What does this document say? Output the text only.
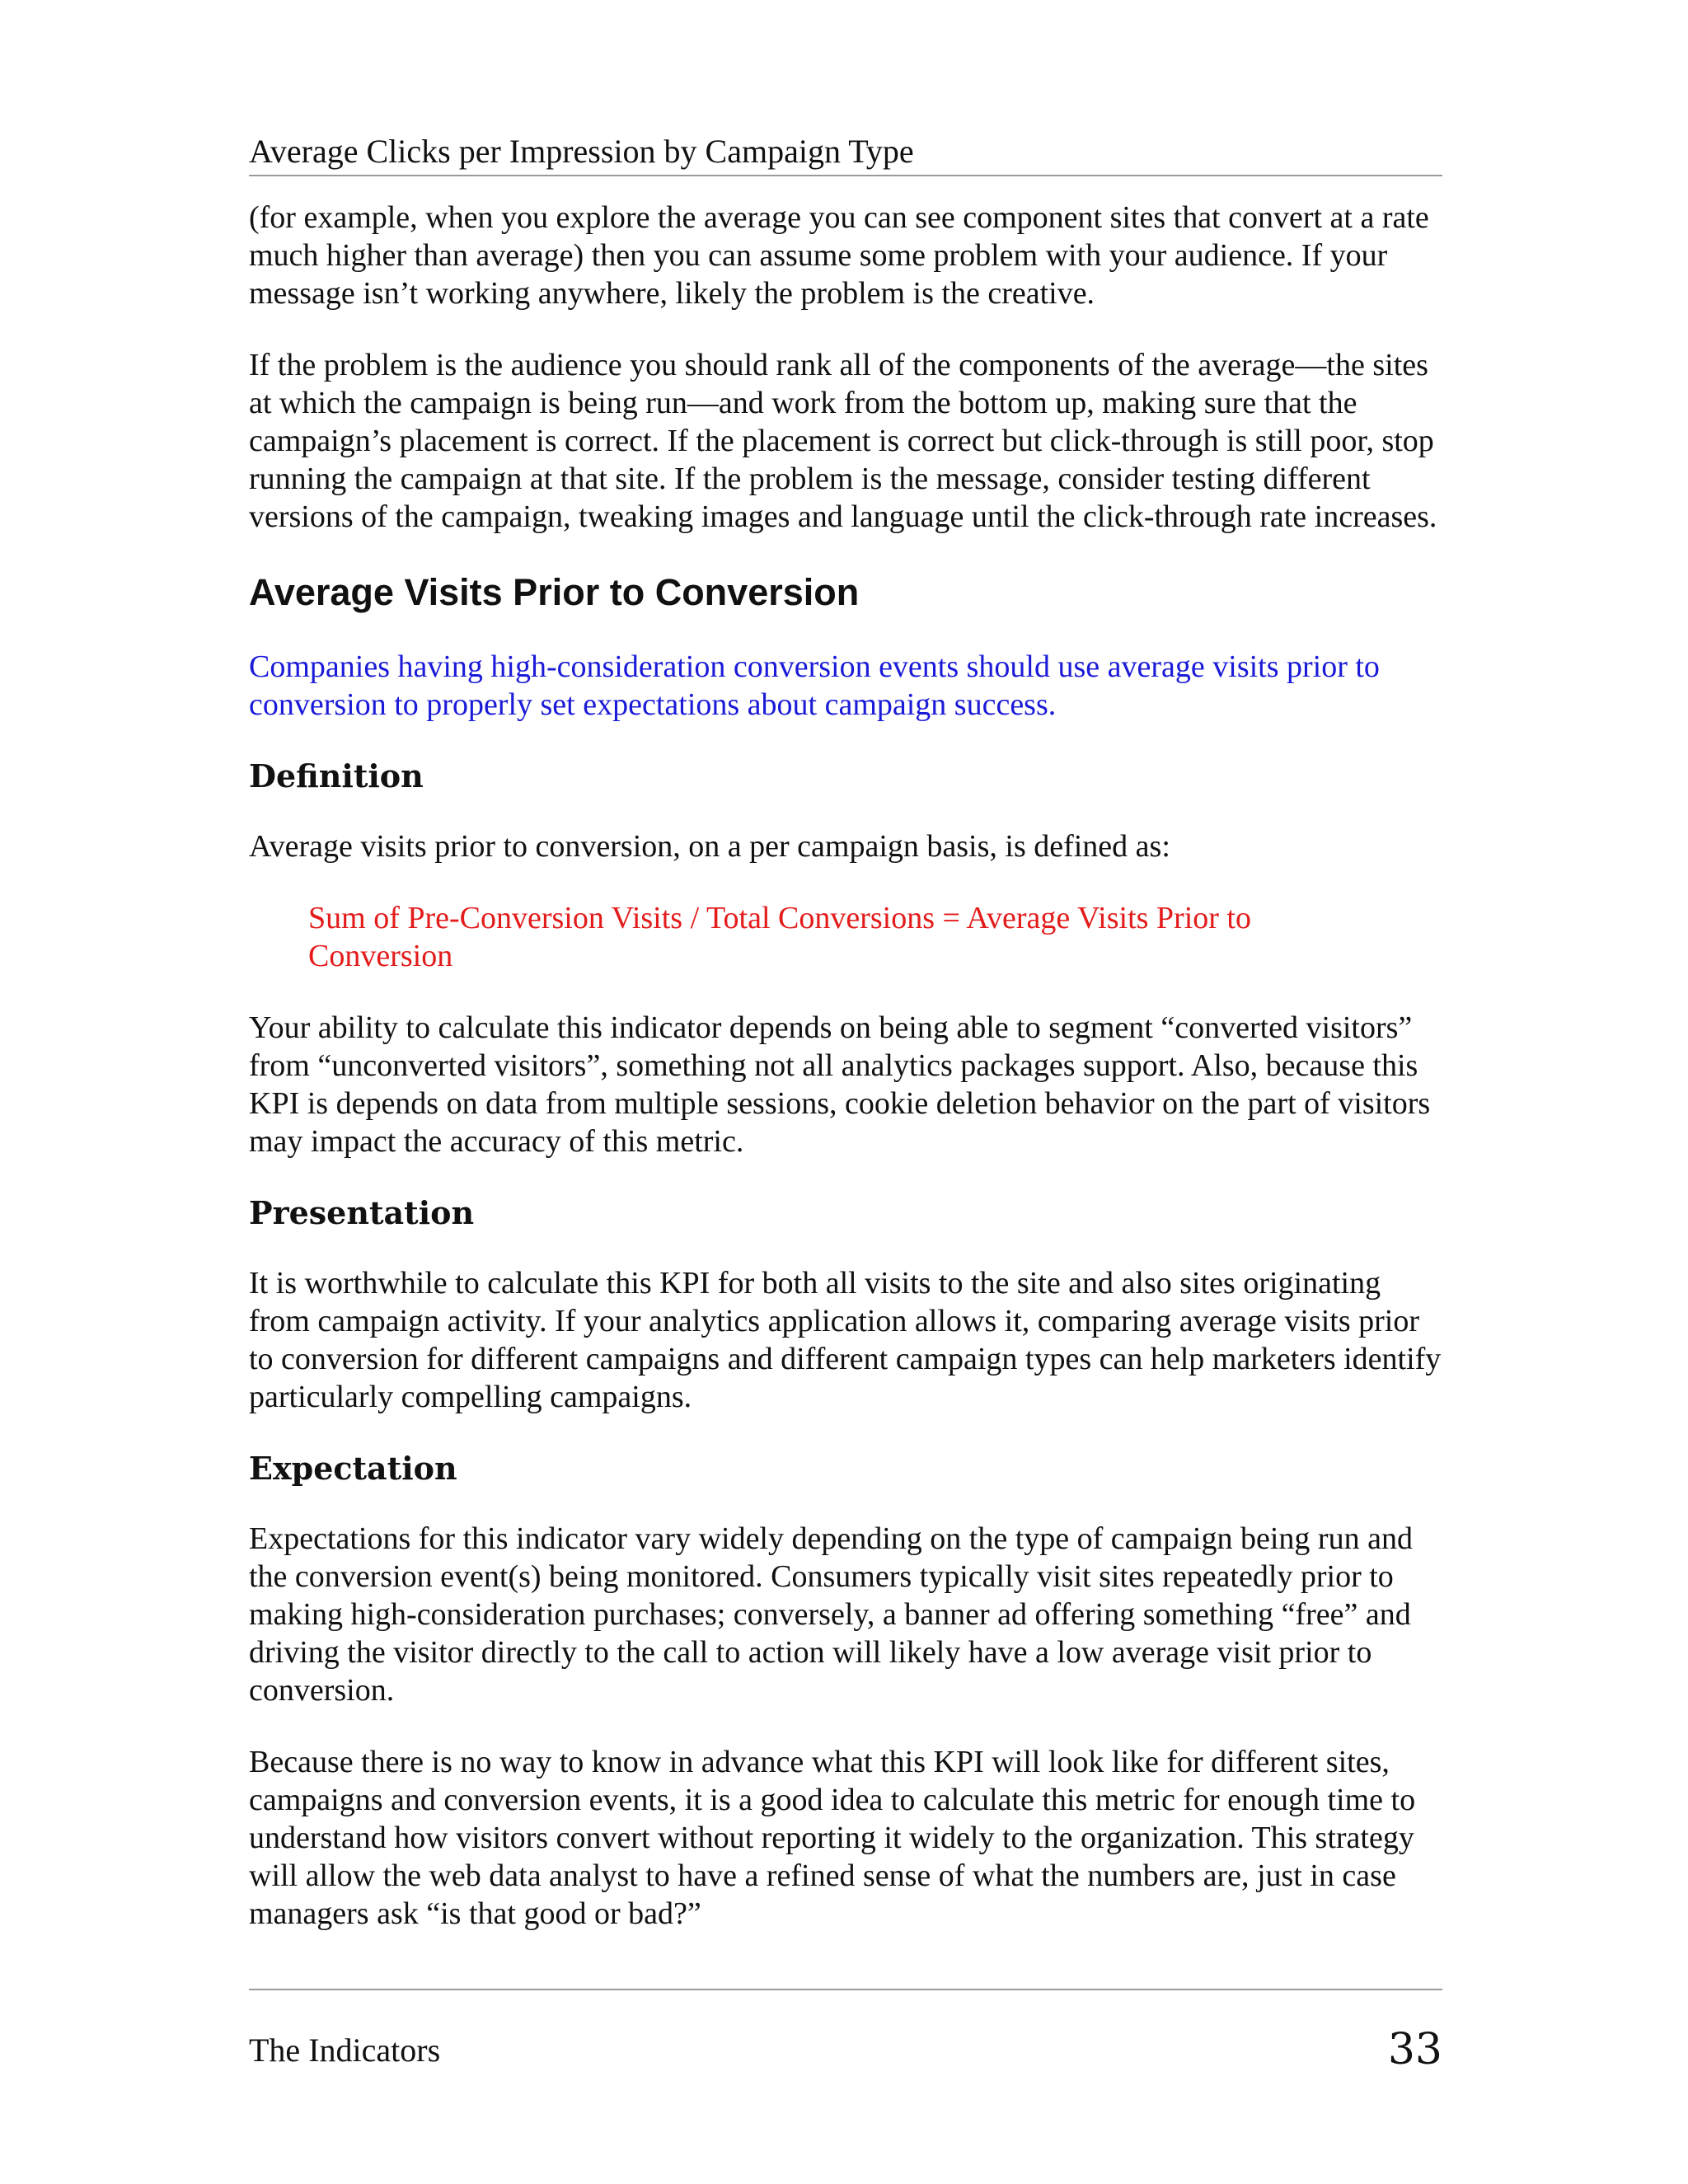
Average Clicks per Impression by Campaign Type

(for example, when you explore the average you can see component sites that convert at a rate much higher than average) then you can assume some problem with your audience. If your message isn’t working anywhere, likely the problem is the creative.

If the problem is the audience you should rank all of the components of the average—the sites at which the campaign is being run—and work from the bottom up, making sure that the campaign’s placement is correct. If the placement is correct but click-through is still poor, stop running the campaign at that site. If the problem is the message, consider testing different versions of the campaign, tweaking images and language until the click-through rate increases.

Average Visits Prior to Conversion

Companies having high-consideration conversion events should use average visits prior to conversion to properly set expectations about campaign success.

Definition

Average visits prior to conversion, on a per campaign basis, is defined as:

Sum of Pre-Conversion Visits / Total Conversions = Average Visits Prior to Conversion

Your ability to calculate this indicator depends on being able to segment “converted visitors” from “unconverted visitors”, something not all analytics packages support. Also, because this KPI is depends on data from multiple sessions, cookie deletion behavior on the part of visitors may impact the accuracy of this metric.

Presentation

It is worthwhile to calculate this KPI for both all visits to the site and also sites originating from campaign activity. If your analytics application allows it, comparing average visits prior to conversion for different campaigns and different campaign types can help marketers identify particularly compelling campaigns.

Expectation

Expectations for this indicator vary widely depending on the type of campaign being run and the conversion event(s) being monitored. Consumers typically visit sites repeatedly prior to making high-consideration purchases; conversely, a banner ad offering something “free” and driving the visitor directly to the call to action will likely have a low average visit prior to conversion.

Because there is no way to know in advance what this KPI will look like for different sites, campaigns and conversion events, it is a good idea to calculate this metric for enough time to understand how visitors convert without reporting it widely to the organization. This strategy will allow the web data analyst to have a refined sense of what the numbers are, just in case managers ask “is that good or bad?”

The Indicators	33
